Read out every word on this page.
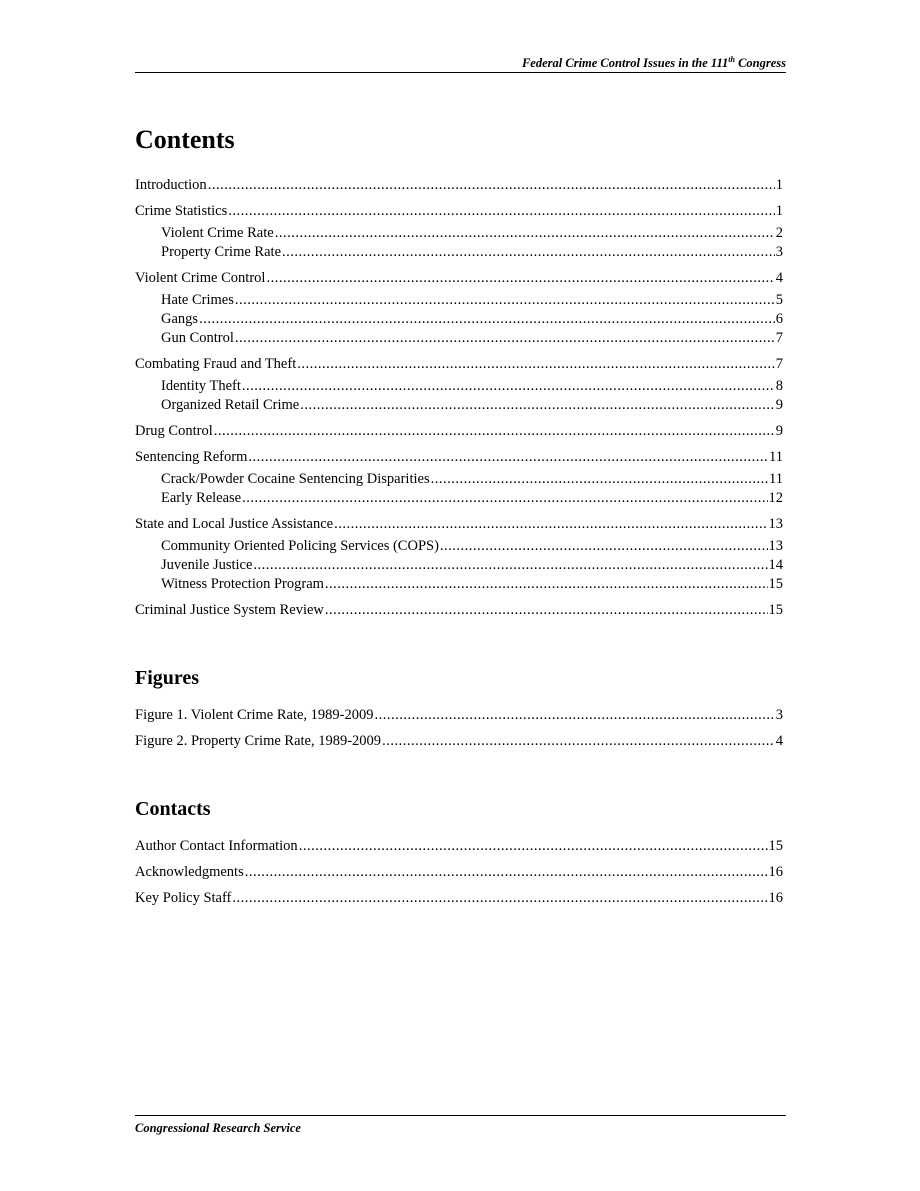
Federal Crime Control Issues in the 111th Congress
Contents
Introduction .....	1
Crime Statistics .....	1
Violent Crime Rate .....	2
Property Crime Rate .....	3
Violent Crime Control .....	4
Hate Crimes .....	5
Gangs .....	6
Gun Control .....	7
Combating Fraud and Theft .....	7
Identity Theft .....	8
Organized Retail Crime .....	9
Drug Control .....	9
Sentencing Reform .....	11
Crack/Powder Cocaine Sentencing Disparities .....	11
Early Release .....	12
State and Local Justice Assistance .....	13
Community Oriented Policing Services (COPS) .....	13
Juvenile Justice .....	14
Witness Protection Program .....	15
Criminal Justice System Review .....	15
Figures
Figure 1. Violent Crime Rate, 1989-2009 .....	3
Figure 2. Property Crime Rate, 1989-2009 .....	4
Contacts
Author Contact Information .....	15
Acknowledgments .....	16
Key Policy Staff .....	16
Congressional Research Service
